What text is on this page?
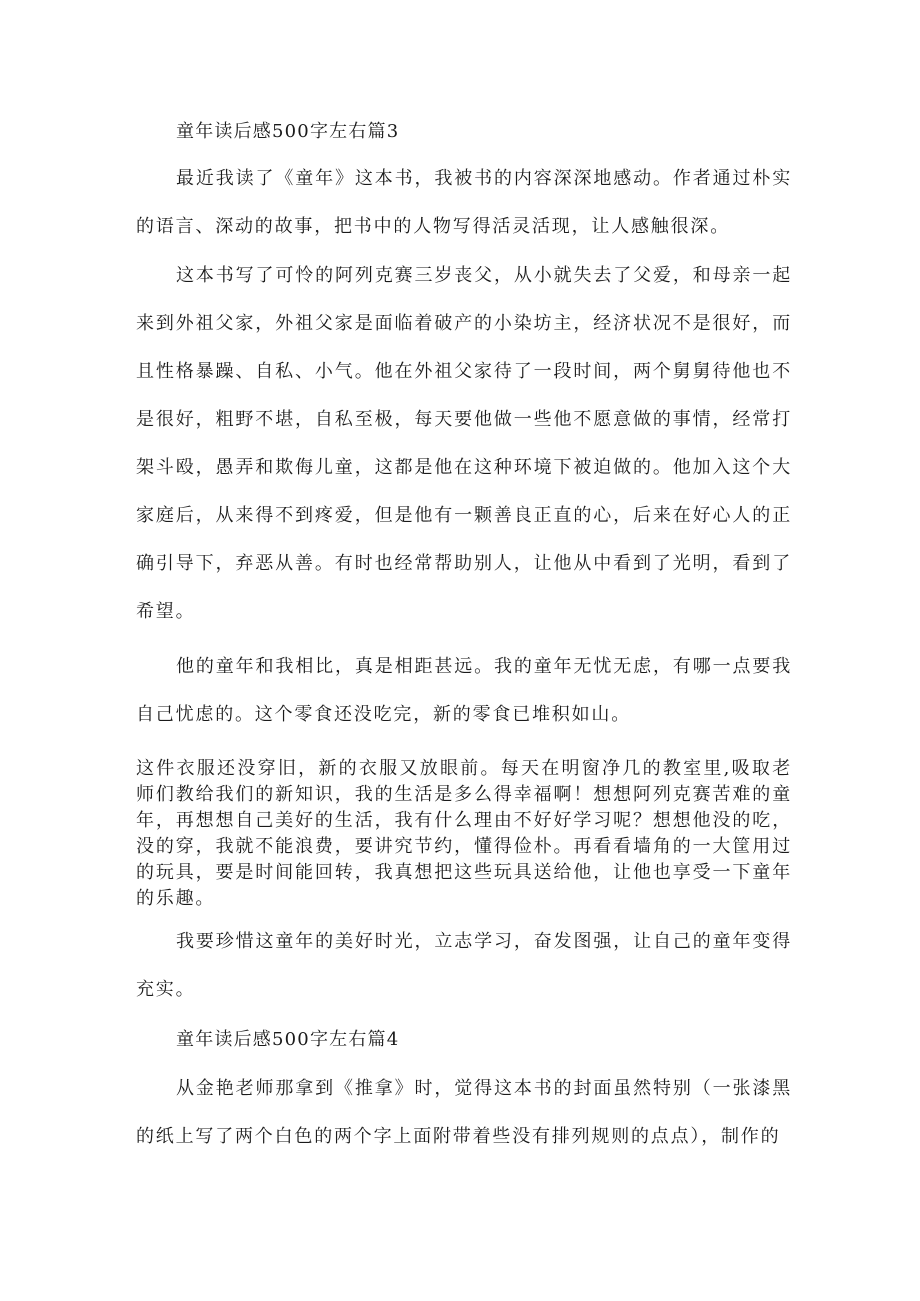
童年读后感500字左右篇3

最近我读了《童年》这本书，我被书的内容深深地感动。作者通过朴实的语言、深动的故事，把书中的人物写得活灵活现，让人感触很深。

这本书写了可怜的阿列克赛三岁丧父，从小就失去了父爱，和母亲一起来到外祖父家，外祖父家是面临着破产的小染坊主，经济状况不是很好，而且性格暴躁、自私、小气。他在外祖父家待了一段时间，两个舅舅待他也不是很好，粗野不堪，自私至极，每天要他做一些他不愿意做的事情，经常打架斗殴，愚弄和欺侮儿童，这都是他在这种环境下被迫做的。他加入这个大家庭后，从来得不到疼爱，但是他有一颗善良正直的心，后来在好心人的正确引导下，弃恶从善。有时也经常帮助别人，让他从中看到了光明，看到了希望。

他的童年和我相比，真是相距甚远。我的童年无忧无虑，有哪一点要我自己忧虑的。这个零食还没吃完，新的零食已堆积如山。

这件衣服还没穿旧，新的衣服又放眼前。每天在明窗净几的教室里,吸取老师们教给我们的新知识，我的生活是多么得幸福啊！想想阿列克赛苦难的童年，再想想自己美好的生活，我有什么理由不好好学习呢？想想他没的吃，没的穿，我就不能浪费，要讲究节约，懂得俭朴。再看看墙角的一大筐用过的玩具，要是时间能回转，我真想把这些玩具送给他，让他也享受一下童年的乐趣。

我要珍惜这童年的美好时光，立志学习，奋发图强，让自己的童年变得充实。

童年读后感500字左右篇4

从金艳老师那拿到《推拿》时，觉得这本书的封面虽然特别（一张漆黑的纸上写了两个白色的两个字上面附带着些没有排列规则的点点），制作的
